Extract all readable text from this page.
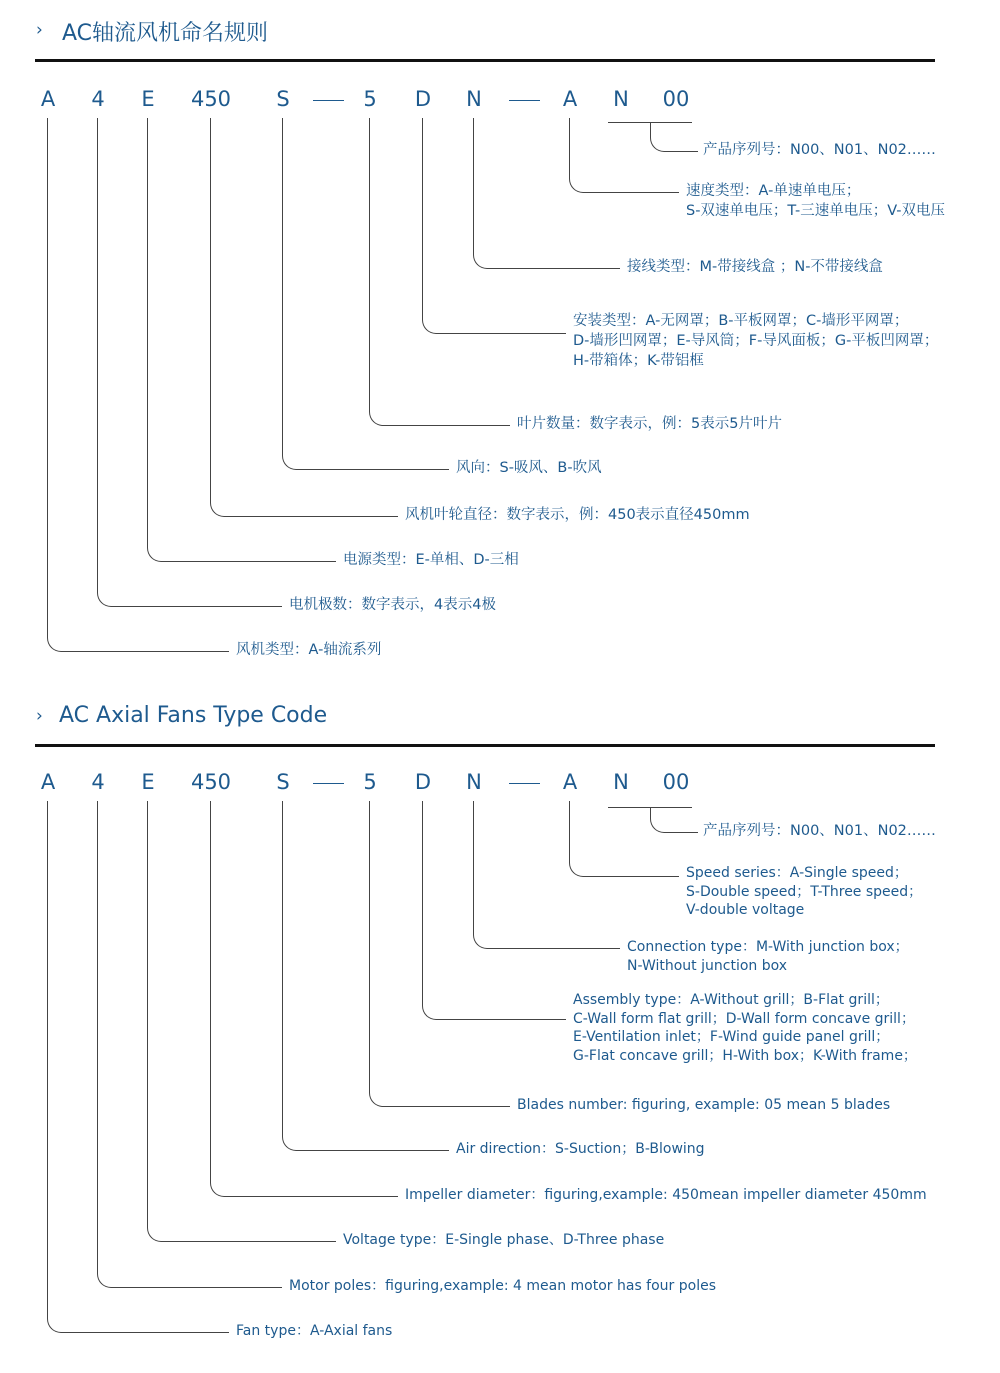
› AC轴流风机命名规则
A 4 E 450 S	5 D N	A N 00
产品序列号：N00、N01、N02……
速度类型：A-单速单电压；
S-双速单电压；T-三速单电压；V-双电压
接线类型：M-带接线盒 ；N-不带接线盒
安装类型：A-无网罩；B-平板网罩；C-墙形平网罩；
D-墙形凹网罩；E-导风筒；F-导风面板；G-平板凹网罩；
H-带箱体；K-带铝框
叶片数量：数字表示，例：5表示5片叶片
风向：S-吸风、B-吹风
风机叶轮直径：数字表示，例：450表示直径450mm
电源类型：E-单相、D-三相
电机极数：数字表示，4表示4极
风机类型：A-轴流系列
› AC Axial Fans Type Code
A 4 E 450 S	5 D N	A N 00
产品序列号：N00、N01、N02……
Speed series：A-Single speed；
S-Double speed；T-Three speed；
V-double voltage
Connection type：M-With junction box；
N-Without junction box
Assembly type：A-Without grill；B-Flat grill；
C-Wall form flat grill；D-Wall form concave grill；
E-Ventilation inlet；F-Wind guide panel grill；
G-Flat concave grill；H-With box；K-With frame；
Blades number: figuring, example: 05 mean 5 blades
Air direction：S-Suction；B-Blowing
Impeller diameter：figuring,example: 450mean impeller diameter 450mm
Voltage type：E-Single phase、D-Three phase
Motor poles：figuring,example: 4 mean motor has four poles
Fan type：A-Axial fans
